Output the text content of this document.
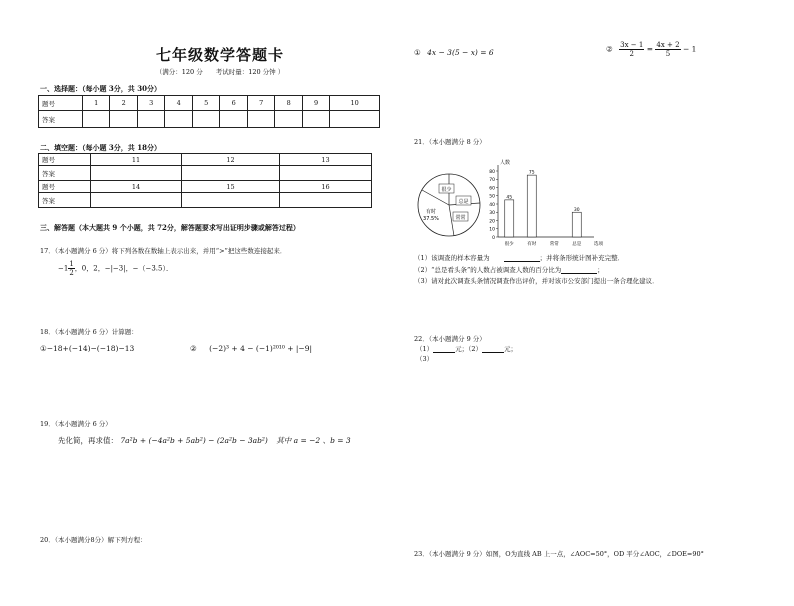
七年级数学答题卡
（满分：120 分　　考试时量：120 分钟 ）
一、选择题：（每小题 3分，共 30分）
题号	1	2	3	4	5	6	7	8	9	10
答案										
二、填空题：（每小题 3分，共 18分）
题号	11	12	13
答案			
题号	14	15	16
答案			
三、解答题（本大题共 9 个小题，共 72分，解答题要求写出证明步骤或解答过程）
17．（本小题满分 6 分）将下列各数在数轴上表示出来，并用“>”把这些数连接起来．
$-1 \frac{1}{2}$ ，0，2，−|−3|，−（−3.5）．
18．（本小题满分 6 分）计算题：
①−18+(−14)−(−18)−13	② (−2)³ + 4 − (−1)²⁰¹⁰ + |−9|
19．（本小题满分 6 分）
先化简，再求值： 7a²b + (−4a²b + 5ab²) − (2a²b − 3ab²) 其中 a = −2 、b = 3
20．（本小题满分8分）解下列方程：
① 4x − 3(5 − x) = 6	② $\frac{3x - 1}{2} = \frac{4x + 2}{5} - 1$
21．（本小题满分 8 分）
很少
总是
有时
37.5%	常常
0
10
20
30
40
50
60
70
80
人数
选项
很少
45
有时
75
常常	总是
30
（1）该调查的样本容量为	；并将条形统计图补充完整．
（2）“总是看头条”的人数占被调查人数的百分比为	；
（3）请对此次调查头条情况调查作出评价，并对该市公安部门提出一条合理化建议．
22．（本小题满分 9 分）
（1）	元；（2）	元；
（3）
23．（本小题满分 9 分）如图，O为直线 AB 上一点，∠AOC=50°，OD 平分∠AOC，∠DOE=90°
